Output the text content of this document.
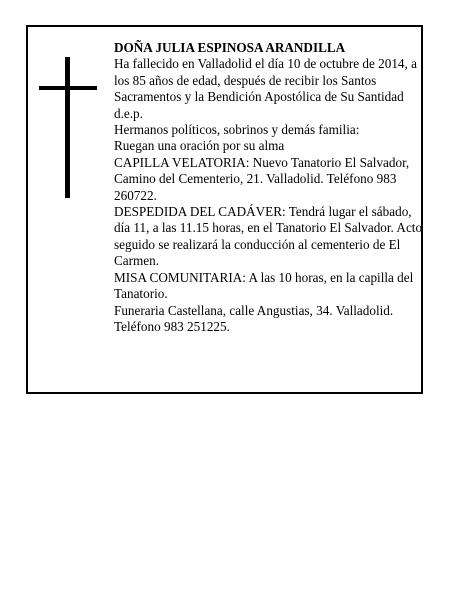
DOÑA JULIA ESPINOSA ARANDILLA

Ha fallecido en Valladolid el día 10 de octubre de 2014, a los 85 años de edad, después de recibir los Santos Sacramentos y la Bendición Apostólica de Su Santidad d.e.p.

Hermanos políticos, sobrinos y demás familia:

Ruegan una oración por su alma

CAPILLA VELATORIA: Nuevo Tanatorio El Salvador, Camino del Cementerio, 21. Valladolid. Teléfono 983 260722.

DESPEDIDA DEL CADÁVER: Tendrá lugar el sábado, día 11, a las 11.15 horas, en el Tanatorio El Salvador. Acto seguido se realizará la conducción al cementerio de El Carmen.

MISA COMUNITARIA: A las 10 horas, en la capilla del Tanatorio.

Funeraria Castellana, calle Angustias, 34. Valladolid. Teléfono 983 251225.
